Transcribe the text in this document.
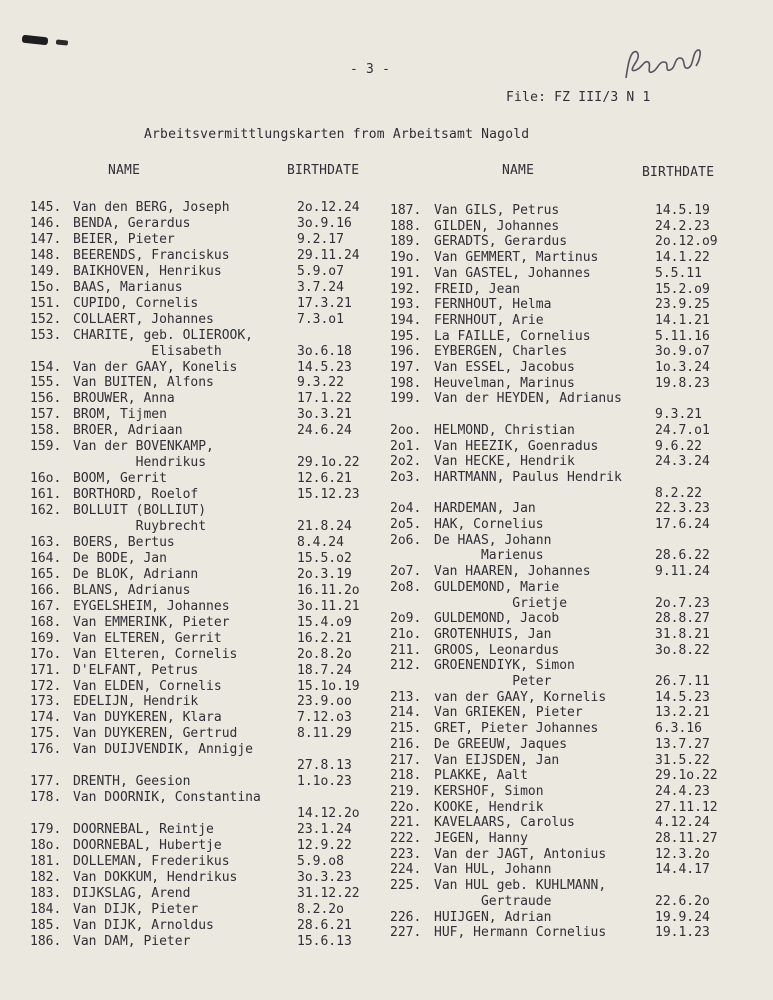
- 3 -
File: FZ III/3 N 1
Arbeitsvermittlungskarten from Arbeitsamt Nagold
NAME	BIRTHDATE	NAME	BIRTHDATE
145. Van den BERG, Joseph	2o.12.24
146. BENDA, Gerardus	3o.9.16
147. BEIER, Pieter	9.2.17
148. BEERENDS, Franciskus	29.11.24
149. BAIKHOVEN, Henrikus	5.9.o7
15o. BAAS, Marianus	3.7.24
151. CUPIDO, Cornelis	17.3.21
152. COLLAERT, Johannes	7.3.o1
153. CHARITE, geb. OLIEROOK,
Elisabeth	3o.6.18
154. Van der GAAY, Konelis	14.5.23
155. Van BUITEN, Alfons	9.3.22
156. BROUWER, Anna	17.1.22
157. BROM, Tijmen	3o.3.21
158. BROER, Adriaan	24.6.24
159. Van der BOVENKAMP,
Hendrikus	29.1o.22
16o. BOOM, Gerrit	12.6.21
161. BORTHORD, Roelof	15.12.23
162. BOLLUIT (BOLLIUT)
Ruybrecht	21.8.24
163. BOERS, Bertus	8.4.24
164. De BODE, Jan	15.5.o2
165. De BLOK, Adriann	2o.3.19
166. BLANS, Adrianus	16.11.2o
167. EYGELSHEIM, Johannes	3o.11.21
168. Van EMMERINK, Pieter	15.4.o9
169. Van ELTEREN, Gerrit	16.2.21
17o. Van Elteren, Cornelis	2o.8.2o
171. D'ELFANT, Petrus	18.7.24
172. Van ELDEN, Cornelis	15.1o.19
173. EDELIJN, Hendrik	23.9.oo
174. Van DUYKEREN, Klara	7.12.o3
175. Van DUYKEREN, Gertrud	8.11.29
176. Van DUIJVENDIK, Annigje
27.8.13
177. DRENTH, Geesion	1.1o.23
178. Van DOORNIK, Constantina
14.12.2o
179. DOORNEBAL, Reintje	23.1.24
18o. DOORNEBAL, Hubertje	12.9.22
181. DOLLEMAN, Frederikus	5.9.o8
182. Van DOKKUM, Hendrikus	3o.3.23
183. DIJKSLAG, Arend	31.12.22
184. Van DIJK, Pieter	8.2.2o
185. Van DIJK, Arnoldus	28.6.21
186. Van DAM, Pieter	15.6.13
187. Van GILS, Petrus	14.5.19
188. GILDEN, Johannes	24.2.23
189. GERADTS, Gerardus	2o.12.o9
19o. Van GEMMERT, Martinus	14.1.22
191. Van GASTEL, Johannes	5.5.11
192. FREID, Jean	15.2.o9
193. FERNHOUT, Helma	23.9.25
194. FERNHOUT, Arie	14.1.21
195. La FAILLE, Cornelius	5.11.16
196. EYBERGEN, Charles	3o.9.o7
197. Van ESSEL, Jacobus	1o.3.24
198. Heuvelman, Marinus	19.8.23
199. Van der HEYDEN, Adrianus
9.3.21
2oo. HELMOND, Christian	24.7.o1
2o1. Van HEEZIK, Goenradus	9.6.22
2o2. Van HECKE, Hendrik	24.3.24
2o3. HARTMANN, Paulus Hendrik
8.2.22
2o4. HARDEMAN, Jan	22.3.23
2o5. HAK, Cornelius	17.6.24
2o6. De HAAS, Johann
Marienus	28.6.22
2o7. Van HAAREN, Johannes	9.11.24
2o8. GULDEMOND, Marie
Grietje	2o.7.23
2o9. GULDEMOND, Jacob	28.8.27
21o. GROTENHUIS, Jan	31.8.21
211. GROOS, Leonardus	3o.8.22
212. GROENENDIYK, Simon
Peter	26.7.11
213. van der GAAY, Kornelis	14.5.23
214. Van GRIEKEN, Pieter	13.2.21
215. GRET, Pieter Johannes	6.3.16
216. De GREEUW, Jaques	13.7.27
217. Van EIJSDEN, Jan	31.5.22
218. PLAKKE, Aalt	29.1o.22
219. KERSHOF, Simon	24.4.23
22o. KOOKE, Hendrik	27.11.12
221. KAVELAARS, Carolus	4.12.24
222. JEGEN, Hanny	28.11.27
223. Van der JAGT, Antonius	12.3.2o
224. Van HUL, Johann	14.4.17
225. Van HUL geb. KUHLMANN,
Gertraude	22.6.2o
226. HUIJGEN, Adrian	19.9.24
227. HUF, Hermann Cornelius	19.1.23
